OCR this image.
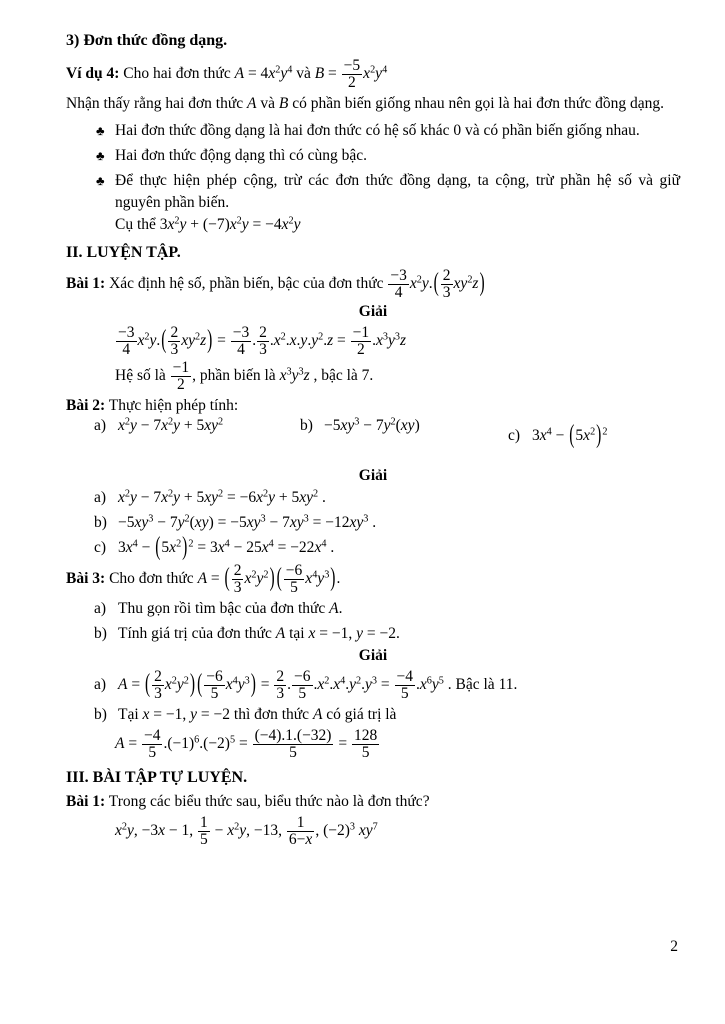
3) Đơn thức đồng dạng.
Ví dụ 4: Cho hai đơn thức $A = 4x^2y^4$ và $B = \frac{-5}{2} x^2y^4$
Nhận thấy rằng hai đơn thức A và B có phần biến giống nhau nên gọi là hai đơn thức đồng dạng.
♣ Hai đơn thức đồng dạng là hai đơn thức có hệ số khác 0 và có phần biến giống nhau.
♣ Hai đơn thức động dạng thì có cùng bậc.
♣ Để thực hiện phép cộng, trừ các đơn thức đồng dạng, ta cộng, trừ phần hệ số và giữ nguyên phần biến.
Cụ thể $3x^2y + (-7)x^2y = -4x^2y$
II. LUYỆN TẬP.
Bài 1: Xác định hệ số, phần biến, bậc của đơn thức $\frac{-3}{4} x^2y.( \frac{2}{3} xy^2z)$
Giải
$\frac{-3}{4} x^2y.( \frac{2}{3} xy^2z) = \frac{-3}{4}$ . $\frac{2}{3} .x^2.x.y.y^2.z = \frac{-1}{2} .x^3y^3z$
Hệ số là $\frac{-1}{2}$ , phần biến là $x^3y^3z$ , bậc là 7.
Bài 2: Thực hiện phép tính:
a) $x^2y - 7x^2y + 5xy^2$	$b) -5xy^3 - 7y^2(xy)$
c) $3x^4 - (5x^2)^2$
Giải
a) $x^2y - 7x^2y + 5xy^2 = -6x^2y + 5xy^2$ .
$b) -5xy^3 - 7y^2(xy) = -5xy^3 - 7xy^3 = -12xy^3$ .
c) $3x^4 - (5x^2)^2 = 3x^4 - 25x^4 = -22x^4$ .
Bài 3: Cho đơn thức A = ( $\frac{2}{3} x^2y^2$) ( $\frac{-6}{5} x^4y^3$).
a) Thu gọn rồi tìm bậc của đơn thức A.
b) Tính giá trị của đơn thức A tại x = −1, y = −2.
Giải
a) A = ( $\frac{2}{3} x^2y^2$) ( $\frac{-6}{5} x^4y^3) = \frac{2}{3}$ . $\frac{-6}{5} .x^2.x^4.y^2.y^3 = \frac{-4}{5} .x^6y^5$ . Bậc là 11.
b) Tại x = −1, y = −2 thì đơn thức A có giá trị là
$A = \frac{-4}{5} .(-1)^6.(-2)^5 = \frac{(-4).1.(-32)}{5} = \frac{128}{5}$
III. BÀI TẬP TỰ LUYỆN.
Bài 1: Trong các biểu thức sau, biểu thức nào là đơn thức?
$x^2y$, −3x − 1, $\frac{1}{5} - x^2y$, −13, $\frac{1}{6-x}$ , $(-2)^3$ $xy^7$
2
